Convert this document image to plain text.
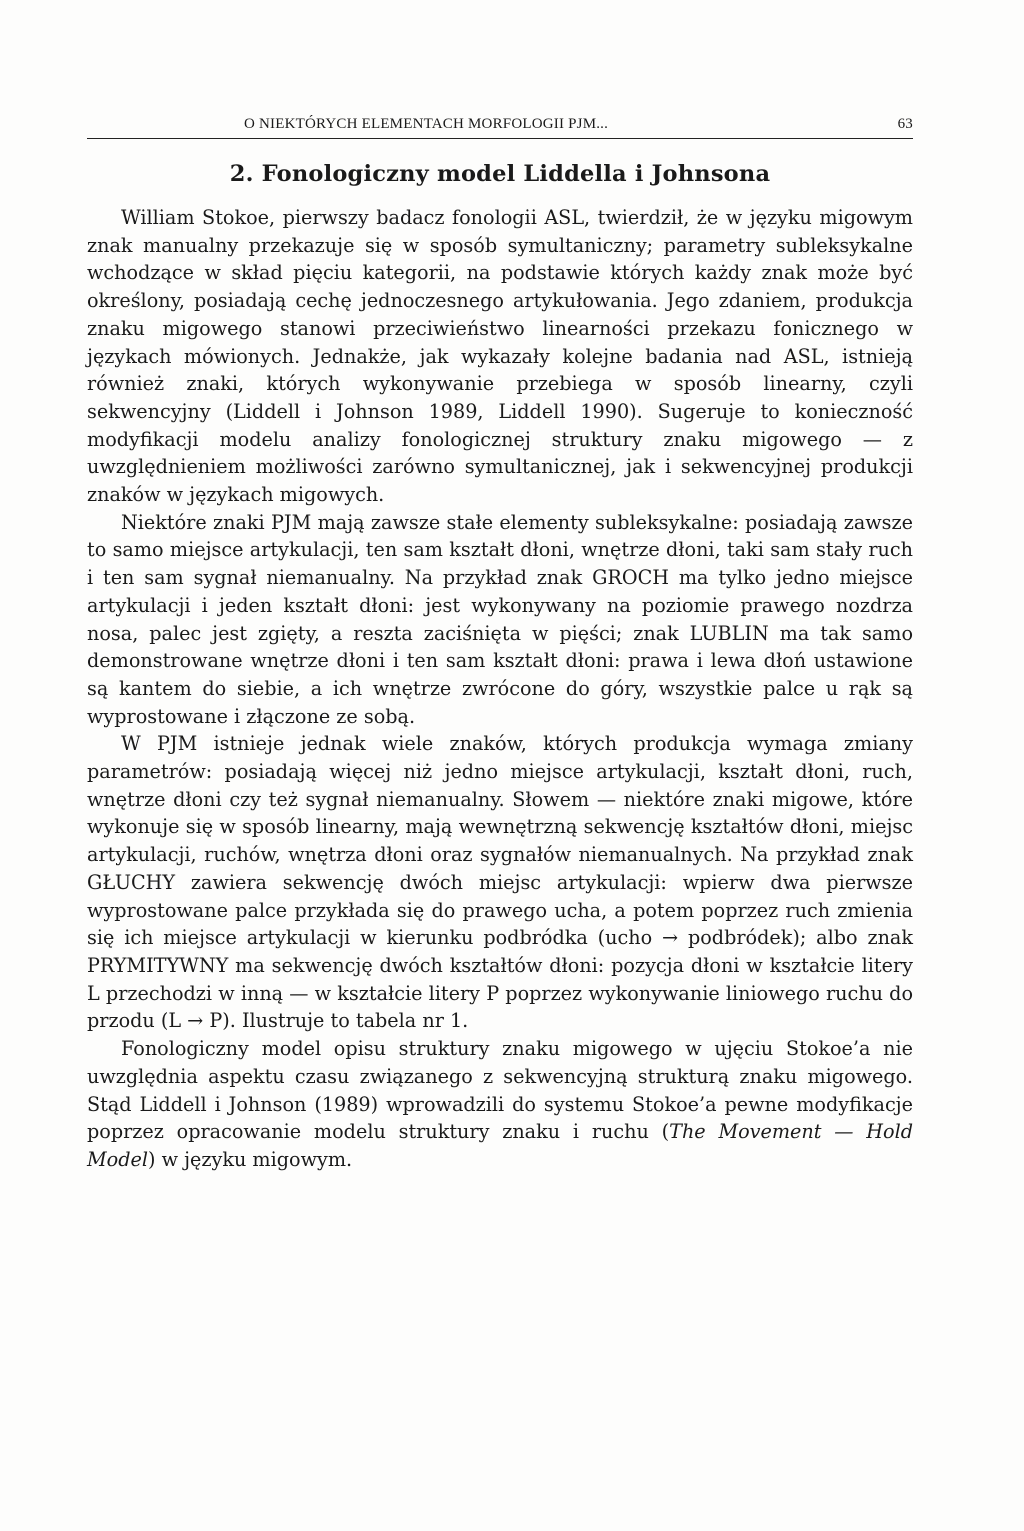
O NIEKTÓRYCH ELEMENTACH MORFOLOGII PJM...	63
2. Fonologiczny model Liddella i Johnsona

William Stokoe, pierwszy badacz fonologii ASL, twierdził, że w języku migowym znak manualny przekazuje się w sposób symultaniczny; parametry subleksykalne wchodzące w skład pięciu kategorii, na podstawie których każdy znak może być określony, posiadają cechę jednoczesnego artykułowania. Jego zdaniem, produkcja znaku migowego stanowi przeciwieństwo linearności przekazu fonicznego w językach mówionych. Jednakże, jak wykazały kolejne badania nad ASL, istnieją również znaki, których wykonywanie przebiega w sposób linearny, czyli sekwencyjny (Liddell i Johnson 1989, Liddell 1990). Sugeruje to konieczność modyfikacji modelu analizy fonologicznej struktury znaku migowego — z uwzględnieniem możliwości zarówno symultanicznej, jak i sekwencyjnej produkcji znaków w językach migowych.

Niektóre znaki PJM mają zawsze stałe elementy subleksykalne: posiadają zawsze to samo miejsce artykulacji, ten sam kształt dłoni, wnętrze dłoni, taki sam stały ruch i ten sam sygnał niemanualny. Na przykład znak GROCH ma tylko jedno miejsce artykulacji i jeden kształt dłoni: jest wykonywany na poziomie prawego nozdrza nosa, palec jest zgięty, a reszta zaciśnięta w pięści; znak LUBLIN ma tak samo demonstrowane wnętrze dłoni i ten sam kształt dłoni: prawa i lewa dłoń ustawione są kantem do siebie, a ich wnętrze zwrócone do góry, wszystkie palce u rąk są wyprostowane i złączone ze sobą.

W PJM istnieje jednak wiele znaków, których produkcja wymaga zmiany parametrów: posiadają więcej niż jedno miejsce artykulacji, kształt dłoni, ruch, wnętrze dłoni czy też sygnał niemanualny. Słowem — niektóre znaki migowe, które wykonuje się w sposób linearny, mają wewnętrzną sekwencję kształtów dłoni, miejsc artykulacji, ruchów, wnętrza dłoni oraz sygnałów niemanualnych. Na przykład znak GŁUCHY zawiera sekwencję dwóch miejsc artykulacji: wpierw dwa pierwsze wyprostowane palce przykłada się do prawego ucha, a potem poprzez ruch zmienia się ich miejsce artykulacji w kierunku podbródka (ucho → podbródek); albo znak PRYMITYWNY ma sekwencję dwóch kształtów dłoni: pozycja dłoni w kształcie litery L przechodzi w inną — w kształcie litery P poprzez wykonywanie liniowego ruchu do przodu (L → P). Ilustruje to tabela nr 1.

Fonologiczny model opisu struktury znaku migowego w ujęciu Stokoe’a nie uwzględnia aspektu czasu związanego z sekwencyjną strukturą znaku migowego. Stąd Liddell i Johnson (1989) wprowadzili do systemu Stokoe’a pewne modyfikacje poprzez opracowanie modelu struktury znaku i ruchu (The Movement — Hold Model) w języku migowym.
